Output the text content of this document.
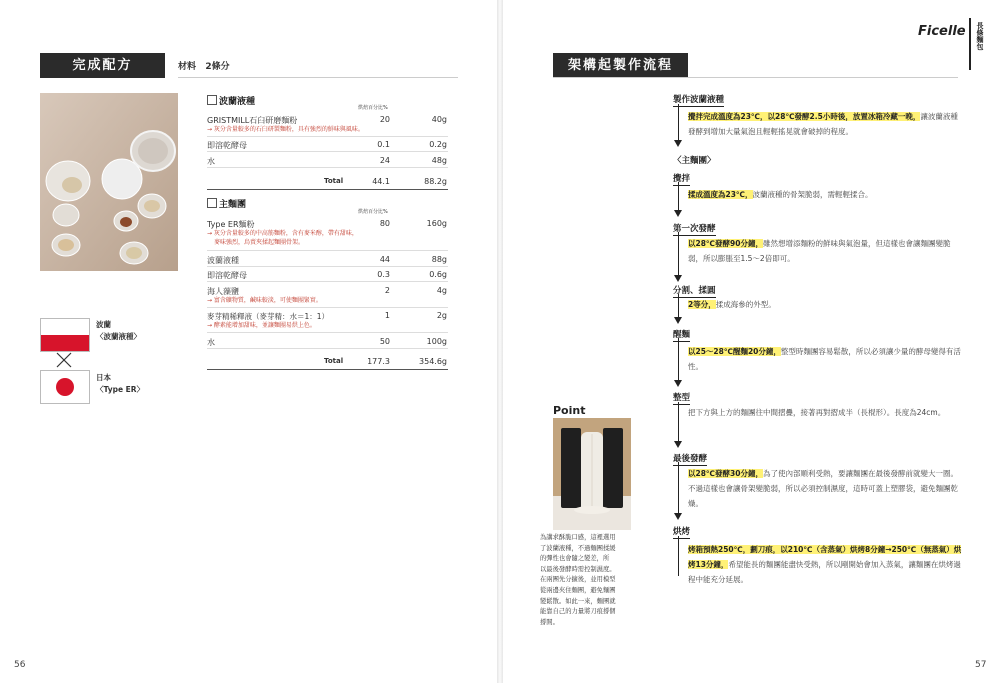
完成配方	材料 2條分
波蘭
〈波蘭液種〉
日本
〈Type ER〉
波蘭液種
烘焙百分比%
GRISTMILL石臼研磨麵粉	20	40g
→ 灰分含量較多的石臼研製麵粉，具有強烈的鮮味與風味。
即溶乾酵母	0.1	0.2g
水	24	48g
Total	44.1	88.2g
主麵團
烘焙百分比%
Type ER麵粉	80	160g
→ 灰分含量較多的中高筋麵粉，含有麥米醇，帶有甜味，
麥味強烈，烏賣夾揉起麵團骨架。
波蘭液種	44	88g
即溶乾酵母	0.3	0.6g
海人藻鹽	2	4g
→ 富含礦物質，鹹味較淡，可使麵團緊實。
麥芽精稀釋液（麥芽精：水＝1：1）	1	2g
→ 酵素能增加甜味，並讓麵團易烘上色。
水	50	100g
Total	177.3	354.6g
56
Ficelle 長條麵包
架構起製作流程
Point
為講求酥脆口感，這裡選用
了波蘭液種，不過麵團揉緩
的彈性也會隨之變差，所
以最後發酵時需控制濕度。
在兩團先分擴後，並用模型
從兩邊夾住麵團，避免麵團
變鬆散。如此一來，麵團就
能靠自己的力量將刀痕撐個
撐開。
製作波蘭液種
攪拌完成溫度為23℃，以28℃發酵2.5小時後，放置冰箱冷藏一晚，讓波蘭液種發酵到增加大量氣泡且輕輕搖晃就會破掉的程度。
〈主麵團〉
攪拌
揉成溫度為23℃，波蘭液種的骨架脆弱，需輕輕揉合。
第一次發酵
以28℃發酵90分鐘，雖然想增添麵粉的鮮味與氣泡量，但這樣也會讓麵團變脆弱，所以膨脹至1.5～2倍即可。
分割、揉圓
2等分，揉成海參的外型。
醒麵
以25～28℃醒麵20分鐘，整型時麵團容易鬆散，所以必須讓少量的酵母變得有活性。
整型
把下方與上方的麵團往中間摺疊，接著再對摺成半（長棍形）。長度為24cm。
最後發酵
以28℃發酵30分鐘，為了使內部順利受熱，要讓麵團在最後發酵前就變大一圈。不過這樣也會讓骨架變脆弱，所以必須控制濕度，這時可蓋上塑膠袋，避免麵團乾燥。
烘烤
烤箱預熱250℃，劃刀痕，以210℃（含蒸氣）烘烤8分鐘→250℃（無蒸氣）烘烤13分鐘，希望能長的麵團能盡快受熱，所以剛開始會加入蒸氣，讓麵團在烘烤過程中能充分延展。
57
